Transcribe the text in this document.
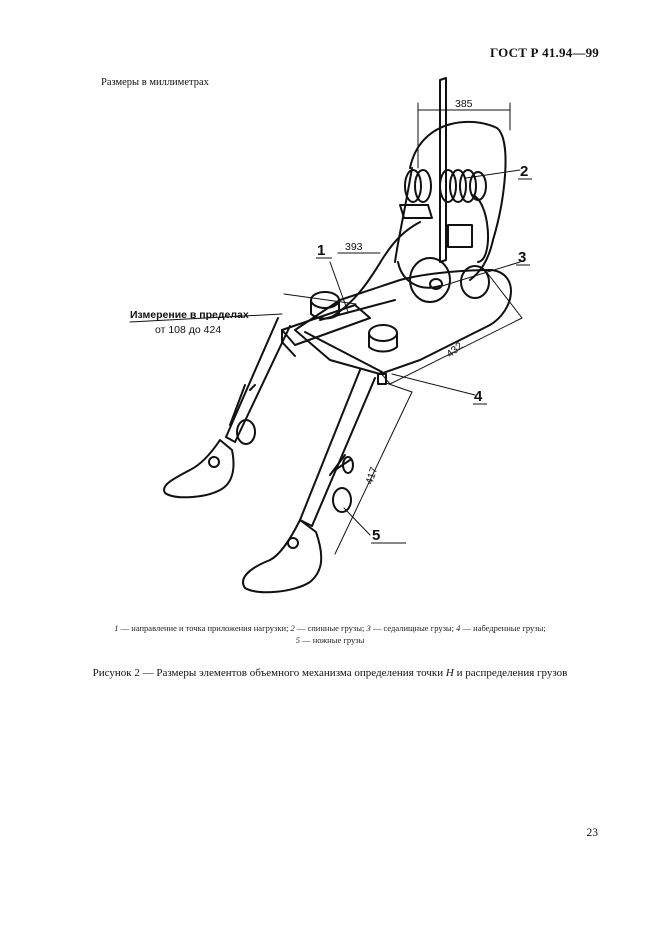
ГОСТ Р 41.94—99
Размеры в миллиметрах
385
393
432
417
1
2
3
4
5
Измерение в пределах
от 108 до 424
1 — направление и точка приложения нагрузки; 2 — спинные грузы; 3 — седалищные грузы; 4 — набедренные грузы;
5 — ножные грузы
Рисунок 2 — Размеры элементов объемного механизма определения точки H и распределения грузов
23
